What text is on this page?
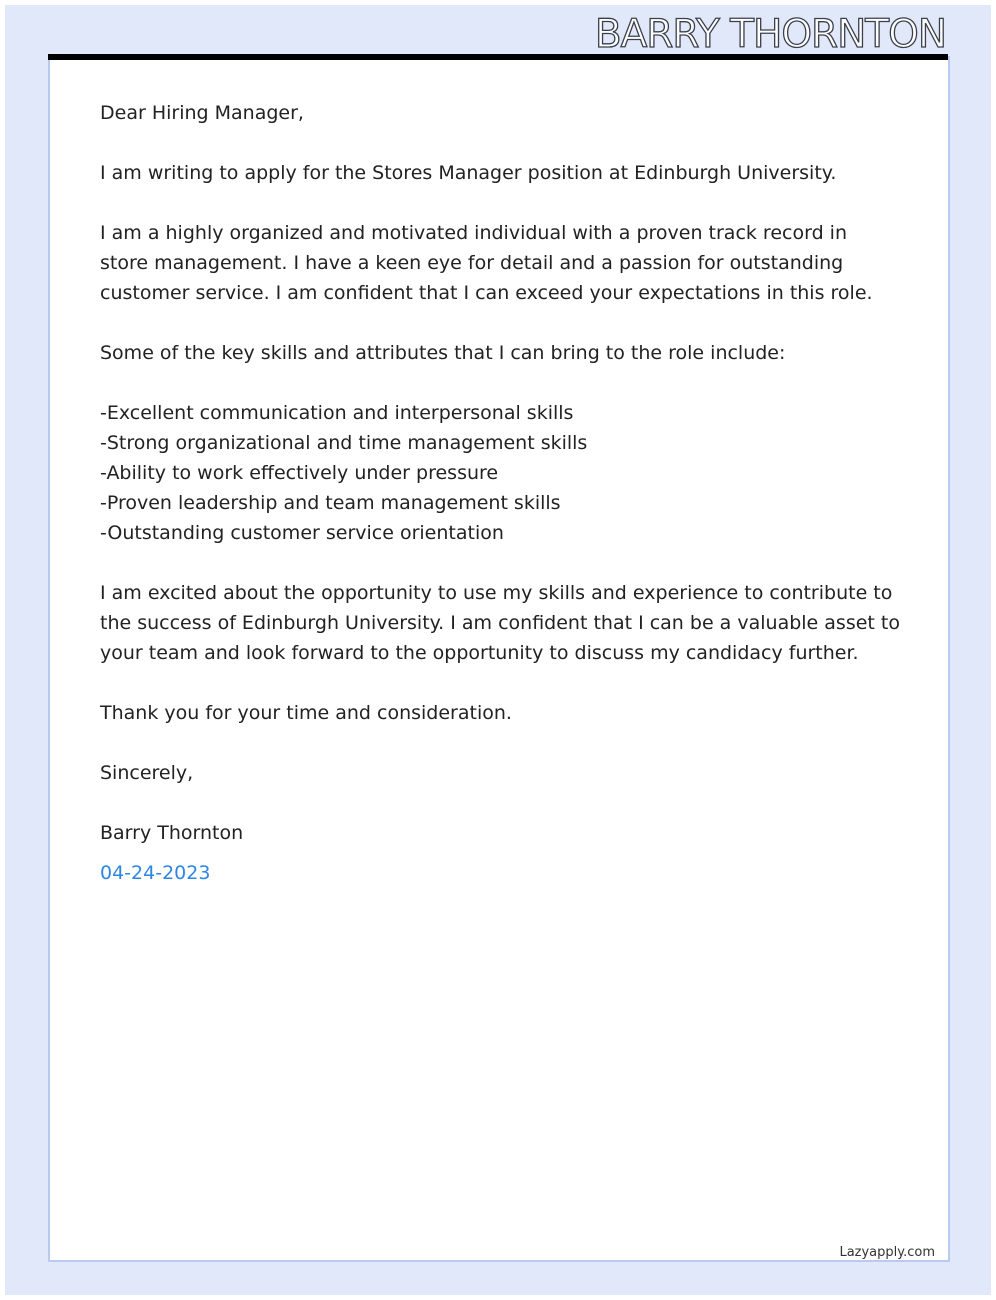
BARRY THORNTON

Dear Hiring Manager,

I am writing to apply for the Stores Manager position at Edinburgh University.

I am a highly organized and motivated individual with a proven track record in store management. I have a keen eye for detail and a passion for outstanding customer service. I am confident that I can exceed your expectations in this role.

Some of the key skills and attributes that I can bring to the role include:

-Excellent communication and interpersonal skills
-Strong organizational and time management skills
-Ability to work effectively under pressure
-Proven leadership and team management skills
-Outstanding customer service orientation

I am excited about the opportunity to use my skills and experience to contribute to the success of Edinburgh University. I am confident that I can be a valuable asset to your team and look forward to the opportunity to discuss my candidacy further.

Thank you for your time and consideration.

Sincerely,

Barry Thornton

04-24-2023

Lazyapply.com
